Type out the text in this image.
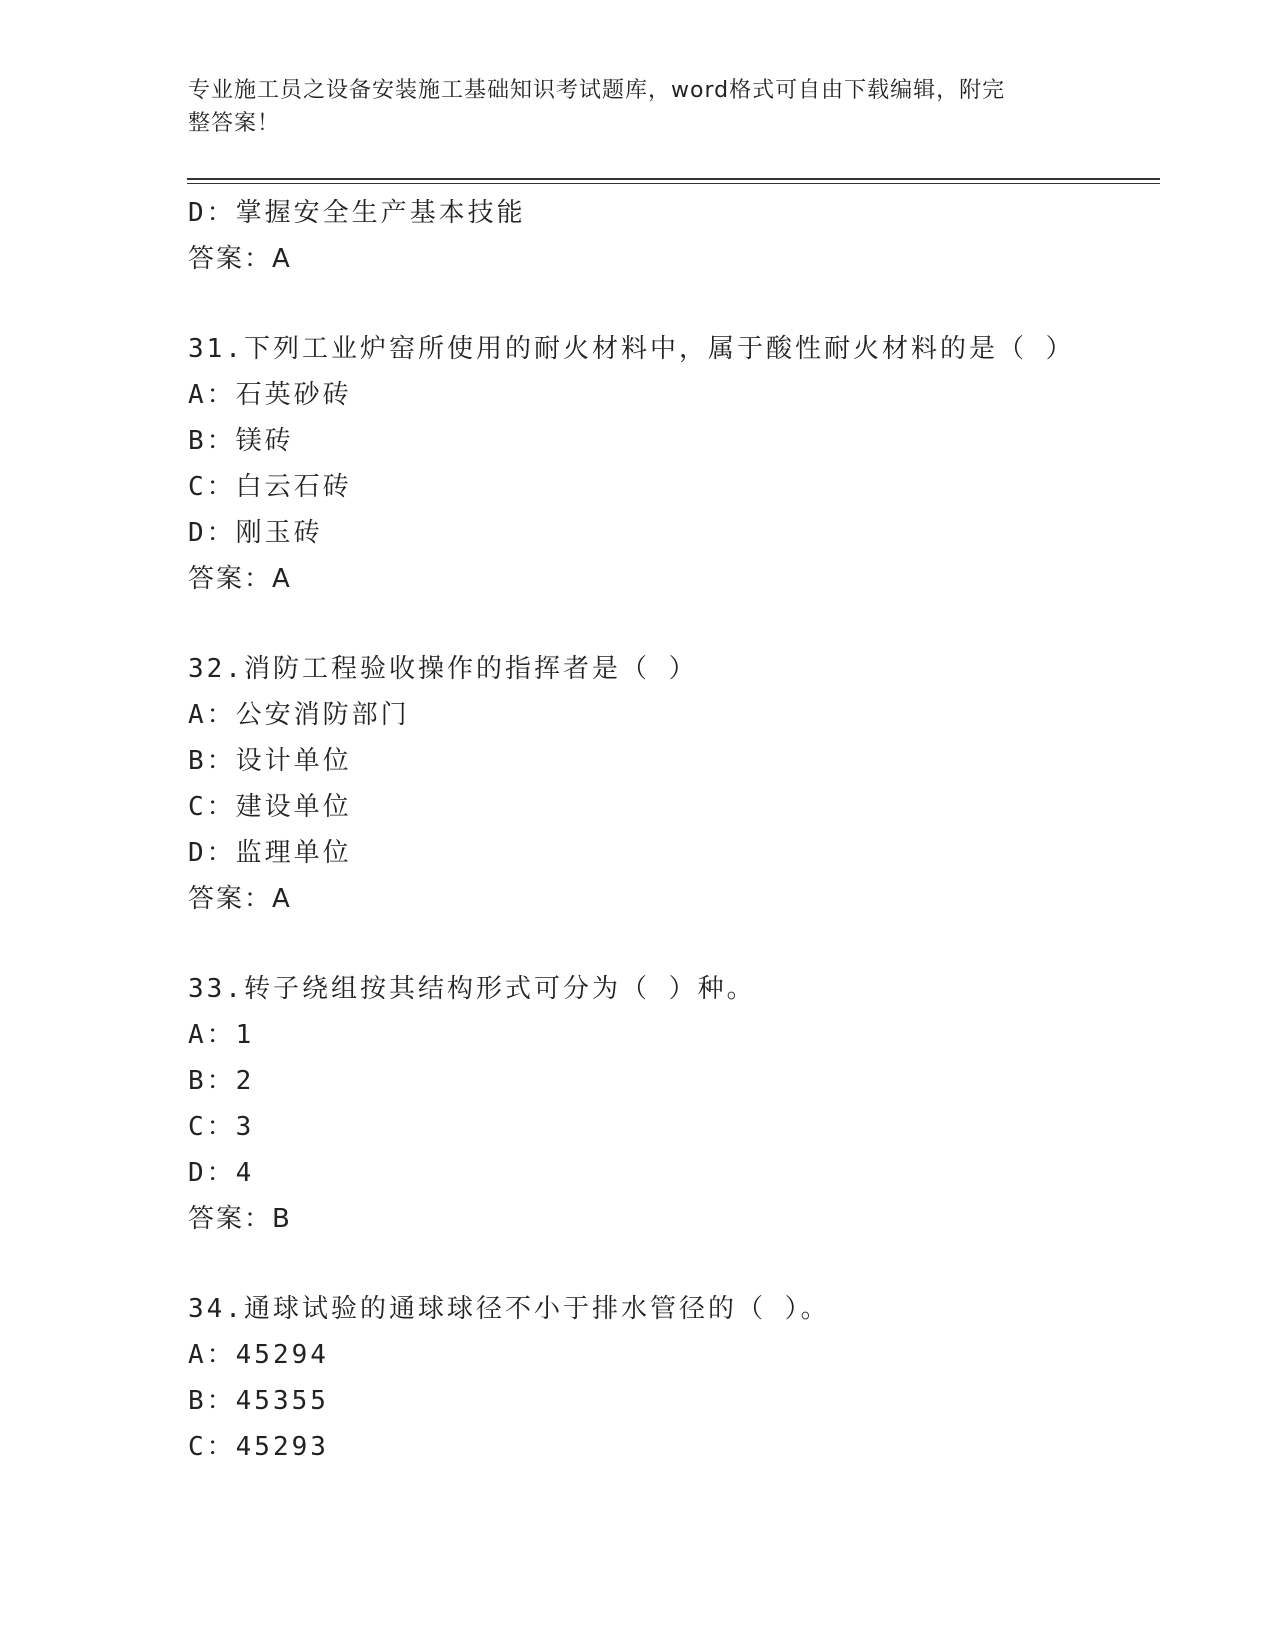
专业施工员之设备安装施工基础知识考试题库，word格式可自由下载编辑，附完
整答案！
D：掌握安全生产基本技能
答案：A
31.下列工业炉窑所使用的耐火材料中，属于酸性耐火材料的是（ ）
A：石英砂砖
B：镁砖
C：白云石砖
D：刚玉砖
答案：A
32.消防工程验收操作的指挥者是（ ）
A：公安消防部门
B：设计单位
C：建设单位
D：监理单位
答案：A
33.转子绕组按其结构形式可分为（ ）种。
A：1
B：2
C：3
D：4
答案：B
34.通球试验的通球球径不小于排水管径的（ ）。
A：45294
B：45355
C：45293
